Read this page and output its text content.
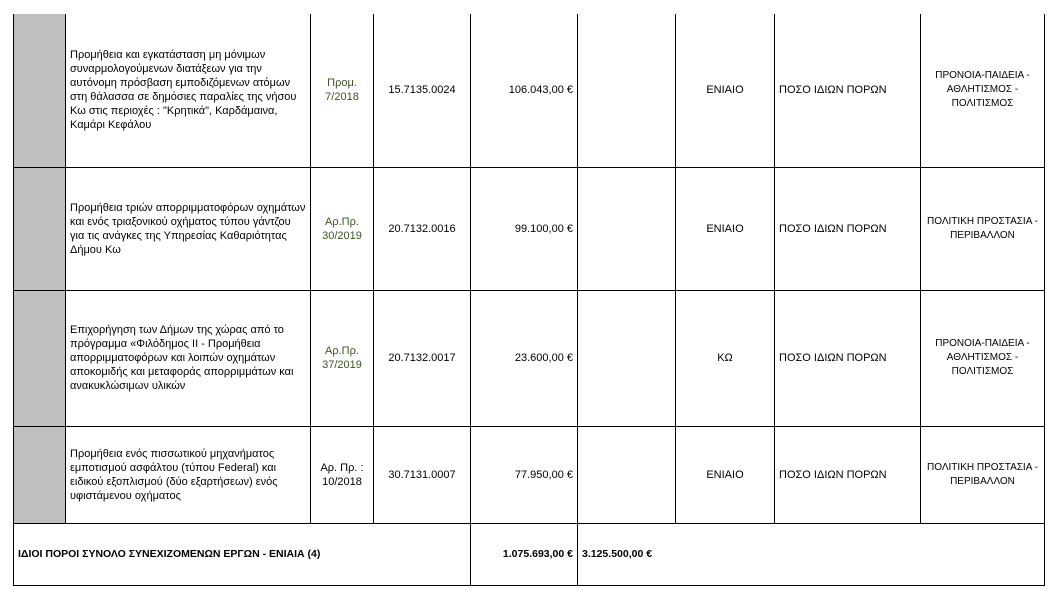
	Προμήθεια και εγκατάσταση μη μόνιμων συναρμολογούμενων διατάξεων για την αυτόνομη πρόσβαση εμποδιζόμενων ατόμων στη θάλασσα σε δημόσιες παραλίες της νήσου Κω στις περιοχές : "Κρητικά", Καρδάμαινα, Καμάρι Κεφάλου	Προμ. 7/2018	15.7135.0024	106.043,00 €		ΕΝΙΑΙΟ	ΠΟΣΟ ΙΔΙΩΝ ΠΟΡΩΝ	ΠΡΟΝΟΙΑ-ΠΑΙΔΕΙΑ - ΑΘΛΗΤΙΣΜΟΣ - ΠΟΛΙΤΙΣΜΟΣ
	Προμήθεια τριών απορριμματοφόρων οχημάτων και ενός τριαξονικού οχήματος τύπου γάντζου για τις ανάγκες της Υπηρεσίας Καθαριότητας Δήμου Κω	Αρ.Πρ. 30/2019	20.7132.0016	99.100,00 €		ΕΝΙΑΙΟ	ΠΟΣΟ ΙΔΙΩΝ ΠΟΡΩΝ	ΠΟΛΙΤΙΚΗ ΠΡΟΣΤΑΣΙΑ - ΠΕΡΙΒΑΛΛΟΝ
	Επιχορήγηση των Δήμων της χώρας από το πρόγραμμα «Φιλόδημος ΙΙ - Προμήθεια απορριμματοφόρων και λοιπών οχημάτων αποκομιδής και μεταφοράς απορριμμάτων και ανακυκλώσιμων υλικών	Αρ.Πρ. 37/2019	20.7132.0017	23.600,00 €		ΚΩ	ΠΟΣΟ ΙΔΙΩΝ ΠΟΡΩΝ	ΠΡΟΝΟΙΑ-ΠΑΙΔΕΙΑ - ΑΘΛΗΤΙΣΜΟΣ - ΠΟΛΙΤΙΣΜΟΣ
	Προμήθεια ενός πισσωτικού μηχανήματος εμποτισμού ασφάλτου (τύπου Federal) και ειδικού εξοπλισμού (δύο εξαρτήσεων) ενός υφιστάμενου οχήματος	Αρ. Πρ. : 10/2018	30.7131.0007	77.950,00 €		ΕΝΙΑΙΟ	ΠΟΣΟ ΙΔΙΩΝ ΠΟΡΩΝ	ΠΟΛΙΤΙΚΗ ΠΡΟΣΤΑΣΙΑ - ΠΕΡΙΒΑΛΛΟΝ
ΙΔΙΟΙ ΠΟΡΟΙ ΣΥΝΟΛΟ ΣΥΝΕΧΙΖΟΜΕΝΩΝ ΕΡΓΩΝ - ΕΝΙΑΙΑ (4)				1.075.693,00 €	3.125.500,00 €			
